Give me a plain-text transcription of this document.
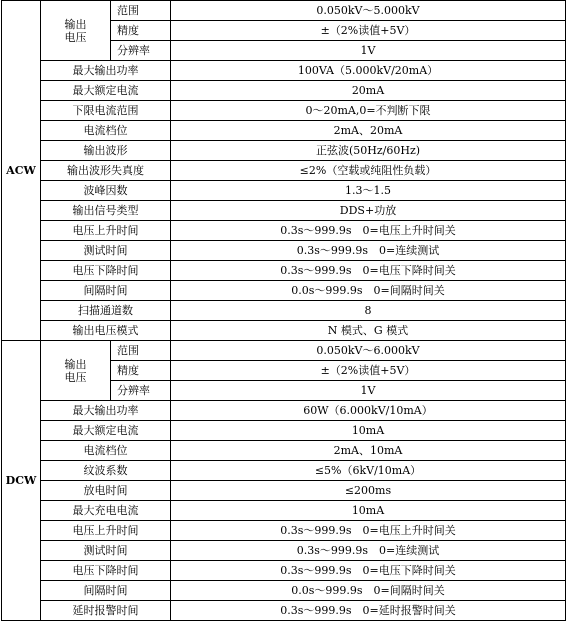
ACW	输出
电压	范围	0.050kV～5.000kV
		精度	±（2%读值+5V）
		分辨率	1V
	最大输出功率		100VA（5.000kV/20mA）
	最大额定电流		20mA
	下限电流范围		0～20mA,0=不判断下限
	电流档位		2mA、20mA
	输出波形		正弦波(50Hz/60Hz)
	输出波形失真度		≤2%（空载或纯阻性负载）
	波峰因数		1.3～1.5
	输出信号类型		DDS+功放
	电压上升时间		0.3s～999.9s　0=电压上升时间关
	测试时间		0.3s～999.9s　0=连续测试
	电压下降时间		0.3s～999.9s　0=电压下降时间关
	间隔时间		0.0s～999.9s　0=间隔时间关
	扫描通道数		8
	输出电压模式		N 模式、G 模式
DCW	输出
电压	范围	0.050kV～6.000kV
		精度	±（2%读值+5V）
		分辨率	1V
	最大输出功率		60W（6.000kV/10mA）
	最大额定电流		10mA
	电流档位		2mA、10mA
	纹波系数		≤5%（6kV/10mA）
	放电时间		≤200ms
	最大充电电流		10mA
	电压上升时间		0.3s～999.9s　0=电压上升时间关
	测试时间		0.3s～999.9s　0=连续测试
	电压下降时间		0.3s～999.9s　0=电压下降时间关
	间隔时间		0.0s～999.9s　0=间隔时间关
	延时报警时间		0.3s～999.9s　0=延时报警时间关
